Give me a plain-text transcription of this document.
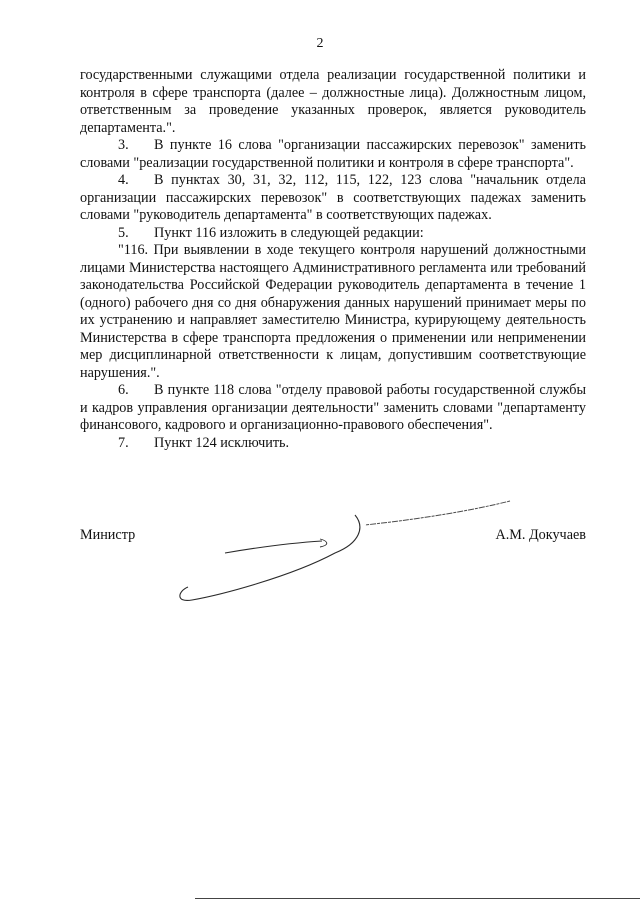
2

государственными служащими отдела реализации государственной политики и контроля в сфере транспорта (далее – должностные лица). Должностным лицом, ответственным за проведение указанных проверок, является руководитель департамента.".

3. В пункте 16 слова "организации пассажирских перевозок" заменить словами "реализации государственной политики и контроля в сфере транспорта".

4. В пунктах 30, 31, 32, 112, 115, 122, 123 слова "начальник отдела организации пассажирских перевозок" в соответствующих падежах заменить словами "руководитель департамента" в соответствующих падежах.

5. Пункт 116 изложить в следующей редакции:

"116. При выявлении в ходе текущего контроля нарушений должностными лицами Министерства настоящего Административного регламента или требований законодательства Российской Федерации руководитель департамента в течение 1 (одного) рабочего дня со дня обнаружения данных нарушений принимает меры по их устранению и направляет заместителю Министра, курирующему деятельность Министерства в сфере транспорта предложения о применении или неприменении мер дисциплинарной ответственности к лицам, допустившим соответствующие нарушения.".

6. В пункте 118 слова "отделу правовой работы государственной службы и кадров управления организации деятельности" заменить словами "департаменту финансового, кадрового и организационно-правового обеспечения".

7. Пункт 124 исключить.

Министр	А.М. Докучаев
